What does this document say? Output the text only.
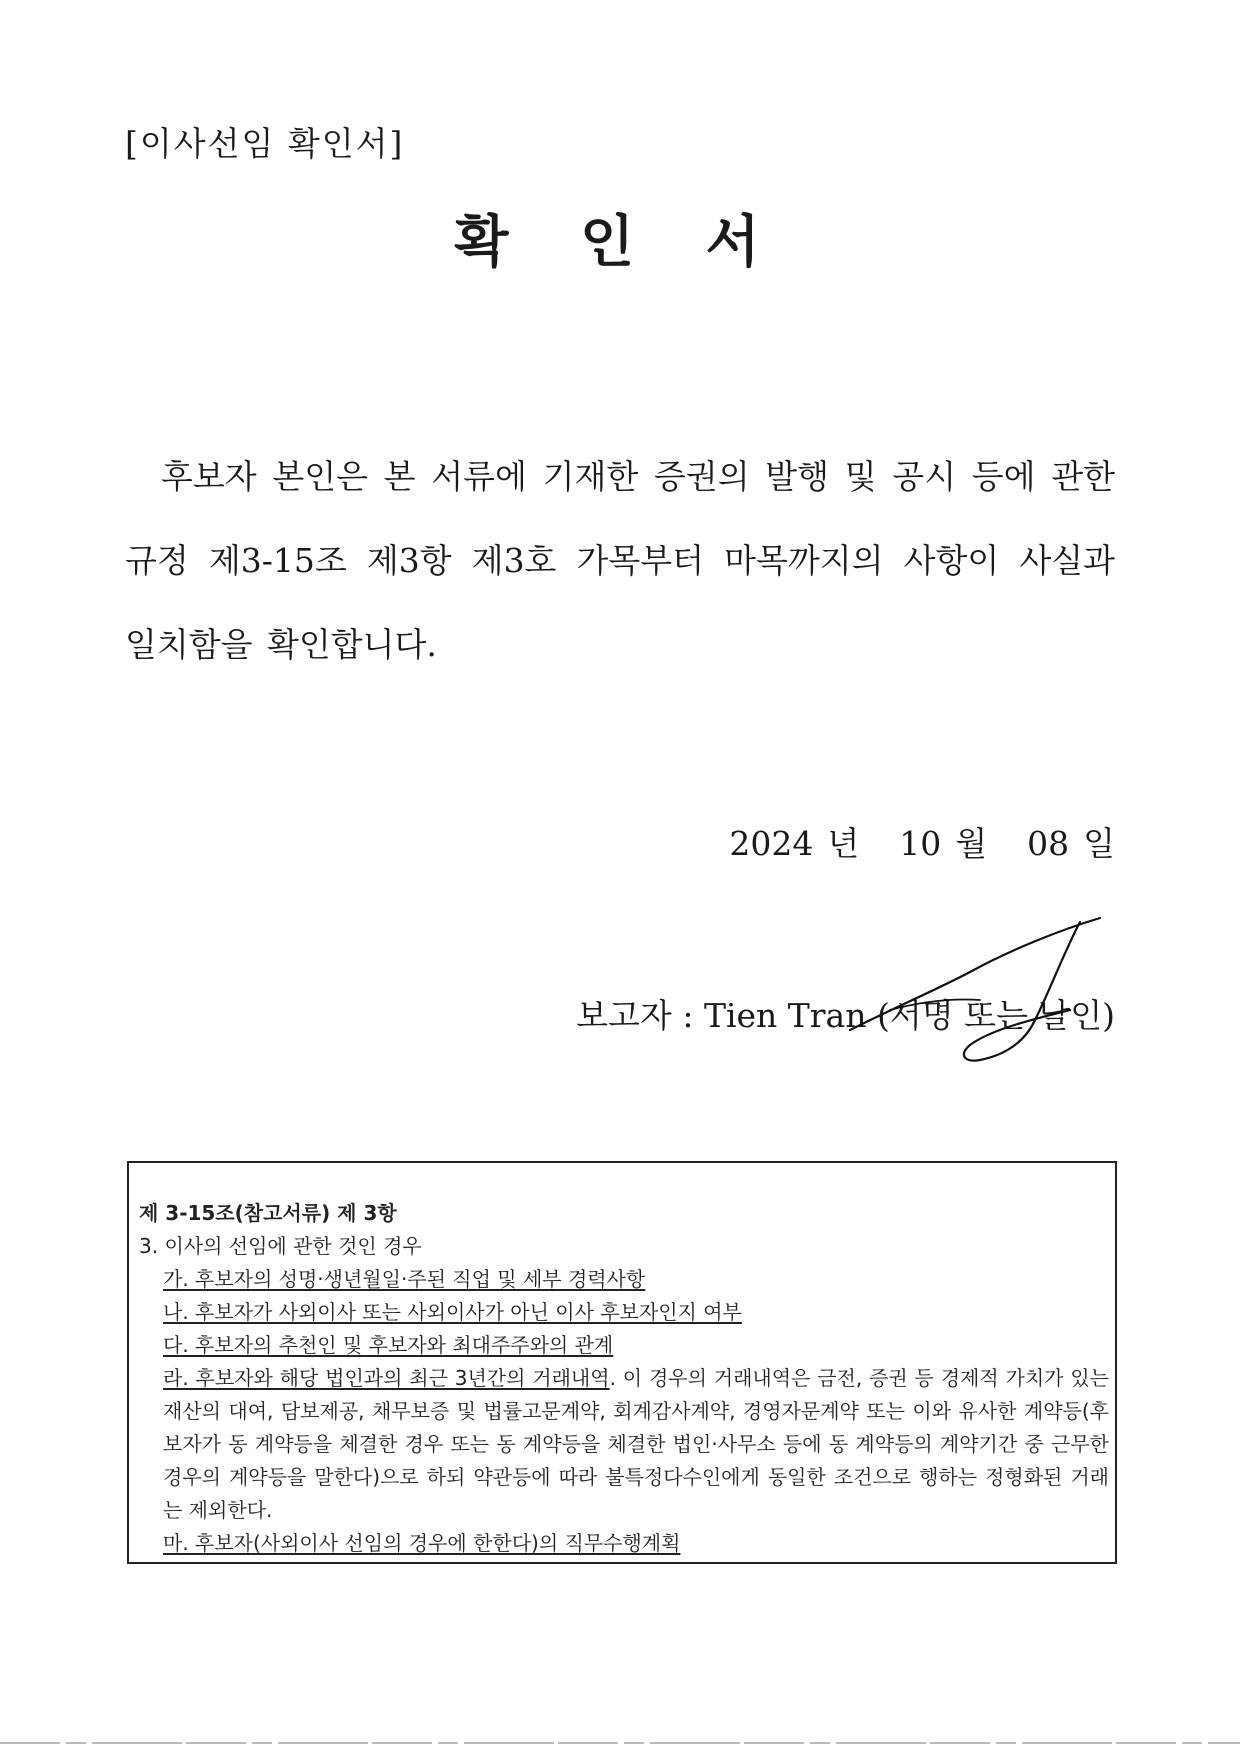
[이사선임 확인서]
확 인 서
후보자 본인은 본 서류에 기재한 증권의 발행 및 공시 등에 관한 규정 제3-15조 제3항 제3호 가목부터 마목까지의 사항이 사실과 일치함을 확인합니다.
2024 년 10 월 08 일
보고자 : Tien Tran (서명 또는 날인)
제 3-15조(참고서류) 제 3항
3. 이사의 선임에 관한 것인 경우
가. 후보자의 성명·생년월일·주된 직업 및 세부 경력사항
나. 후보자가 사외이사 또는 사외이사가 아닌 이사 후보자인지 여부
다. 후보자의 추천인 및 후보자와 최대주주와의 관계
라. 후보자와 해당 법인과의 최근 3년간의 거래내역. 이 경우의 거래내역은 금전, 증권 등 경제적 가치가 있는 재산의 대여, 담보제공, 채무보증 및 법률고문계약, 회계감사계약, 경영자문계약 또는 이와 유사한 계약등(후보자가 동 계약등을 체결한 경우 또는 동 계약등을 체결한 법인·사무소 등에 동 계약등의 계약기간 중 근무한 경우의 계약등을 말한다)으로 하되 약관등에 따라 불특정다수인에게 동일한 조건으로 행하는 정형화된 거래는 제외한다.
마. 후보자(사외이사 선임의 경우에 한한다)의 직무수행계획
